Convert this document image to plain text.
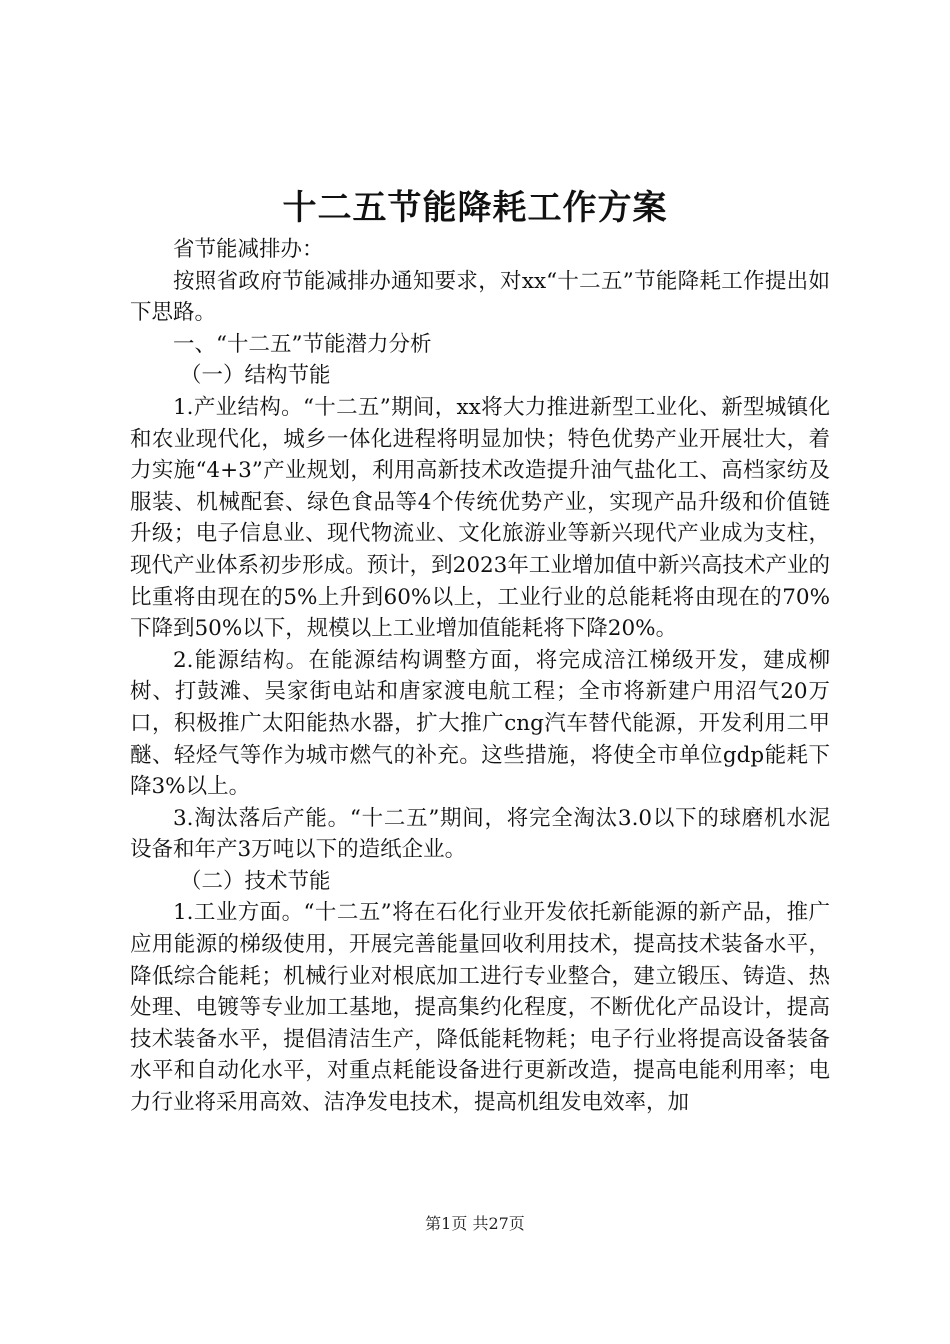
十二五节能降耗工作方案

省节能减排办：

按照省政府节能减排办通知要求，对xx“十二五”节能降耗工作提出如下思路。

一、“十二五”节能潜力分析

（一）结构节能

1.产业结构。“十二五”期间，xx将大力推进新型工业化、新型城镇化和农业现代化，城乡一体化进程将明显加快；特色优势产业开展壮大，着力实施“4+3”产业规划，利用高新技术改造提升油气盐化工、高档家纺及服装、机械配套、绿色食品等4个传统优势产业，实现产品升级和价值链升级；电子信息业、现代物流业、文化旅游业等新兴现代产业成为支柱，现代产业体系初步形成。预计，到2023年工业增加值中新兴高技术产业的比重将由现在的5%上升到60%以上，工业行业的总能耗将由现在的70%下降到50%以下，规模以上工业增加值能耗将下降20%。

2.能源结构。在能源结构调整方面，将完成涪江梯级开发，建成柳树、打鼓滩、吴家街电站和唐家渡电航工程；全市将新建户用沼气20万口，积极推广太阳能热水器，扩大推广cng汽车替代能源，开发利用二甲醚、轻烃气等作为城市燃气的补充。这些措施，将使全市单位gdp能耗下降3%以上。

3.淘汰落后产能。“十二五”期间，将完全淘汰3.0以下的球磨机水泥设备和年产3万吨以下的造纸企业。

（二）技术节能

1.工业方面。“十二五”将在石化行业开发依托新能源的新产品，推广应用能源的梯级使用，开展完善能量回收利用技术，提高技术装备水平，降低综合能耗；机械行业对根底加工进行专业整合，建立锻压、铸造、热处理、电镀等专业加工基地，提高集约化程度，不断优化产品设计，提高技术装备水平，提倡清洁生产，降低能耗物耗；电子行业将提高设备装备水平和自动化水平，对重点耗能设备进行更新改造，提高电能利用率；电力行业将采用高效、洁净发电技术，提高机组发电效率，加

第1页 共27页
